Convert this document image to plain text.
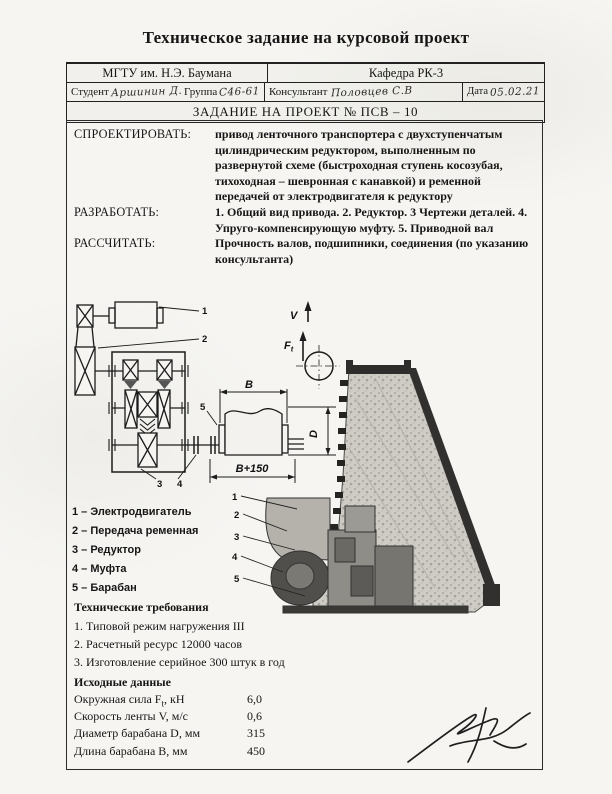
Техническое задание на курсовой проект
МГТУ им. Н.Э. Баумана	Кафедра РК-3
Студент Аршинин Д. Группа С46-61 Консультант Половцев С.В	Дата 05.02.21
ЗАДАНИЕ НА ПРОЕКТ № ПСВ – 10
СПРОЕКТИРОВАТЬ:	привод ленточного транспортера с двухступенчатым цилиндрическим редуктором, выполненным по развернутой схеме (быстроходная ступень косозубая, тихоходная – шевронная с канавкой) и ременной передачей от электродвигателя к редуктору
РАЗРАБОТАТЬ:	1. Общий вид привода. 2. Редуктор. 3 Чертежи деталей. 4. Упруго-компенсирующую муфту. 5. Приводной вал
РАССЧИТАТЬ:	Прочность валов, подшипники, соединения (по указанию консультанта)
B
B+150
D
V
$F_t$
1
2
3 4
5
1
2
3
4
5
1 – Электродвигатель
2 – Передача ременная
3 – Редуктор
4 – Муфта
5 – Барабан
Технические требования
1. Типовой режим нагружения III
2. Расчетный ресурс 12000 часов
3. Изготовление серийное 300 штук в год
Исходные данные
Окружная сила $F_t$, кН	6,0
Скорость ленты V, м/с	0,6
Диаметр барабана D, мм	315
Длина барабана B, мм	450
